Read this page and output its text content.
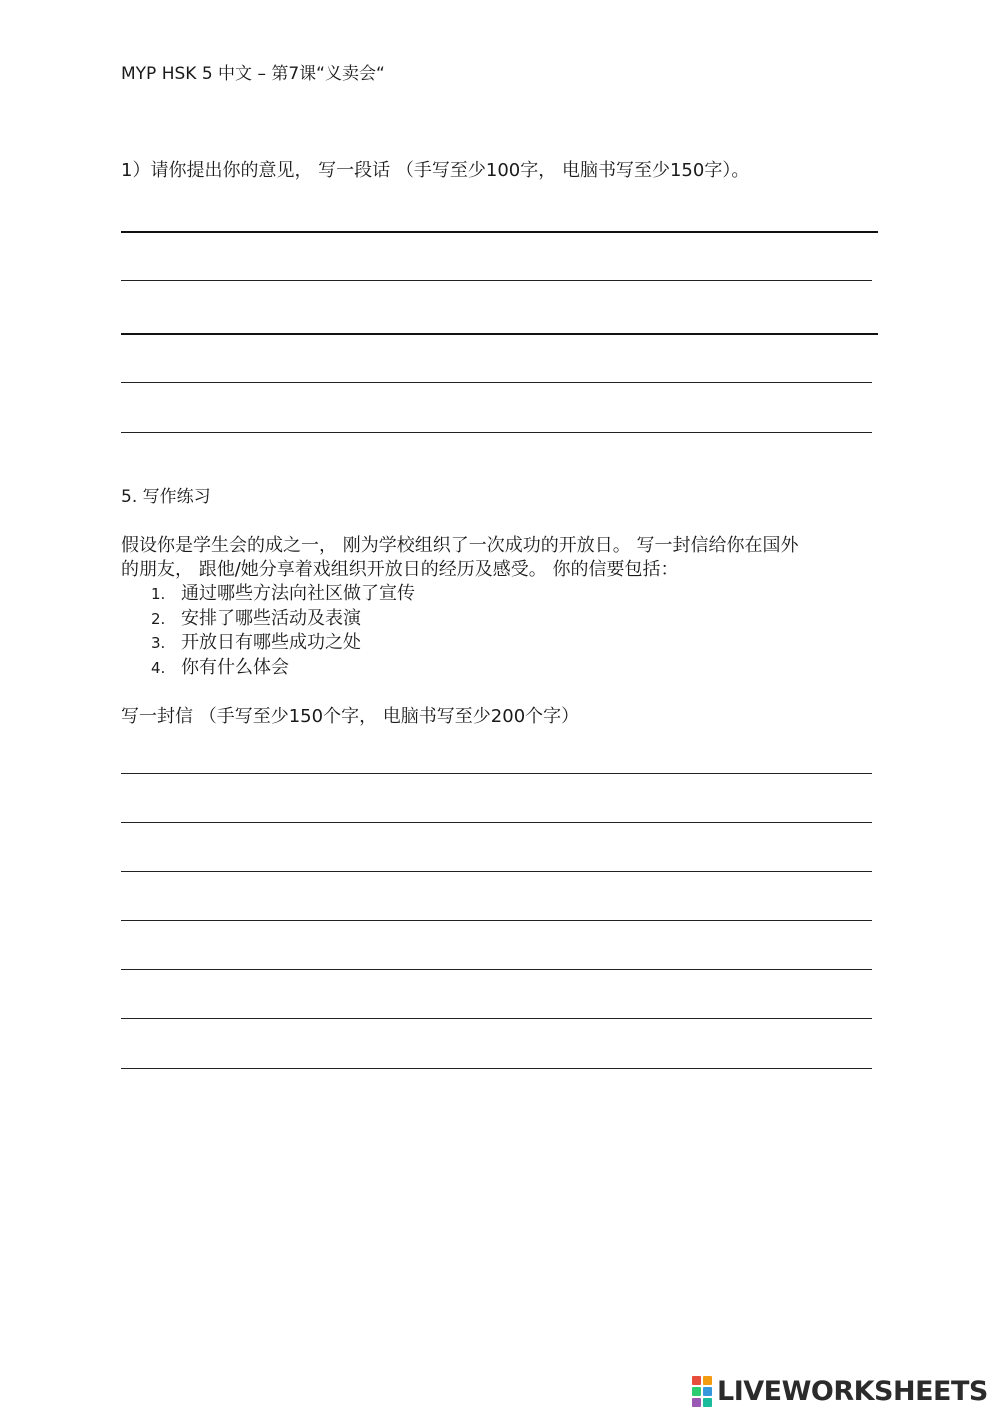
MYP HSK 5 中文 – 第7课“义卖会“
1）请你提出你的意见， 写一段话 （手写至少100字， 电脑书写至少150字）。
5. 写作练习
假设你是学生会的成之一， 刚为学校组织了一次成功的开放日。 写一封信给你在国外
的朋友， 跟他/她分享着戏组织开放日的经历及感受。 你的信要包括：
1. 通过哪些方法向社区做了宣传
2. 安排了哪些活动及表演
3. 开放日有哪些成功之处
4. 你有什么体会
写一封信 （手写至少150个字， 电脑书写至少200个字）
LIVEWORKSHEETS
